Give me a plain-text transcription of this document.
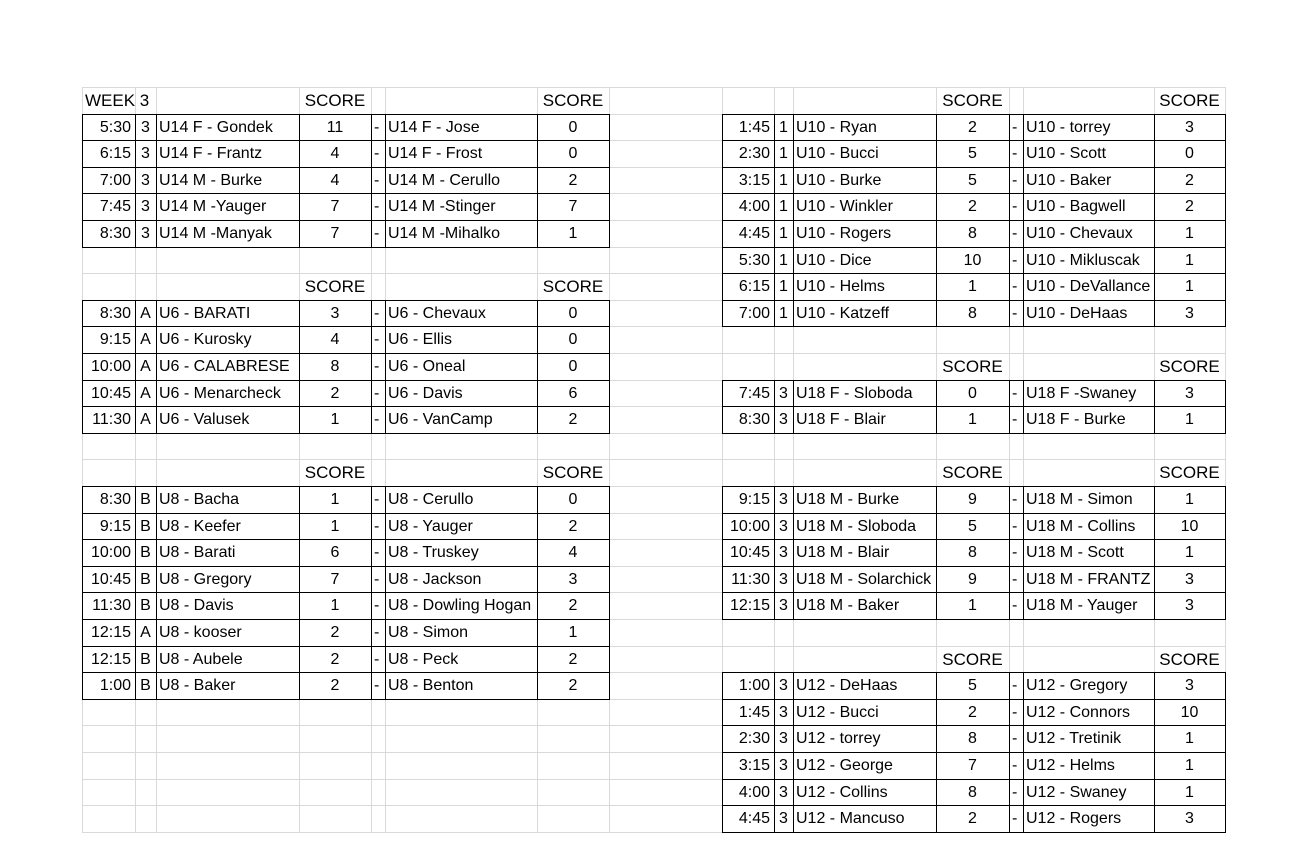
WEEK 3	SCORE	SCORE
5:30 3 U14 F - Gondek	11	- U14 F - Jose	0
6:15 3 U14 F - Frantz	4	- U14 F - Frost	0
7:00 3 U14 M - Burke	4	- U14 M - Cerullo	2
7:45 3 U14 M -Yauger	7	- U14 M -Stinger	7
8:30 3 U14 M -Manyak	7	- U14 M -Mihalko	1
SCORE	SCORE
8:30 A U6 - BARATI	3	- U6 - Chevaux	0
9:15 A U6 - Kurosky	4	- U6 - Ellis	0
10:00 A U6 - CALABRESE	8	- U6 - Oneal	0
10:45 A U6 - Menarcheck	2	- U6 - Davis	6
11:30 A U6 - Valusek	1	- U6 - VanCamp	2
SCORE	SCORE
8:30 B U8 - Bacha	1	- U8 - Cerullo	0
9:15 B U8 - Keefer	1	- U8 - Yauger	2
10:00 B U8 - Barati	6	- U8 - Truskey	4
10:45 B U8 - Gregory	7	- U8 - Jackson	3
11:30 B U8 - Davis	1	- U8 - Dowling Hogan	2
12:15 A U8 - kooser	2	- U8 - Simon	1
12:15 B U8 - Aubele	2	- U8 - Peck	2
1:00 B U8 - Baker	2	- U8 - Benton	2
SCORE	SCORE
1:45 1 U10 - Ryan	2	- U10 - torrey	3
2:30 1 U10 - Bucci	5	- U10 - Scott	0
3:15 1 U10 - Burke	5	- U10 - Baker	2
4:00 1 U10 - Winkler	2	- U10 - Bagwell	2
4:45 1 U10 - Rogers	8	- U10 - Chevaux	1
5:30 1 U10 - Dice	10	- U10 - Mikluscak	1
6:15 1 U10 - Helms	1	- U10 - DeVallance	1
7:00 1 U10 - Katzeff	8	- U10 - DeHaas	3
SCORE	SCORE
7:45 3 U18 F - Sloboda	0	- U18 F -Swaney	3
8:30 3 U18 F - Blair	1	- U18 F - Burke	1
SCORE	SCORE
9:15 3 U18 M - Burke	9	- U18 M - Simon	1
10:00 3 U18 M - Sloboda	5	- U18 M - Collins	10
10:45 3 U18 M - Blair	8	- U18 M - Scott	1
11:30 3 U18 M - Solarchick	9	- U18 M - FRANTZ	3
12:15 3 U18 M - Baker	1	- U18 M - Yauger	3
SCORE	SCORE
1:00 3 U12 - DeHaas	5	- U12 - Gregory	3
1:45 3 U12 - Bucci	2	- U12 - Connors	10
2:30 3 U12 - torrey	8	- U12 - Tretinik	1
3:15 3 U12 - George	7	- U12 - Helms	1
4:00 3 U12 - Collins	8	- U12 - Swaney	1
4:45 3 U12 - Mancuso	2	- U12 - Rogers	3
